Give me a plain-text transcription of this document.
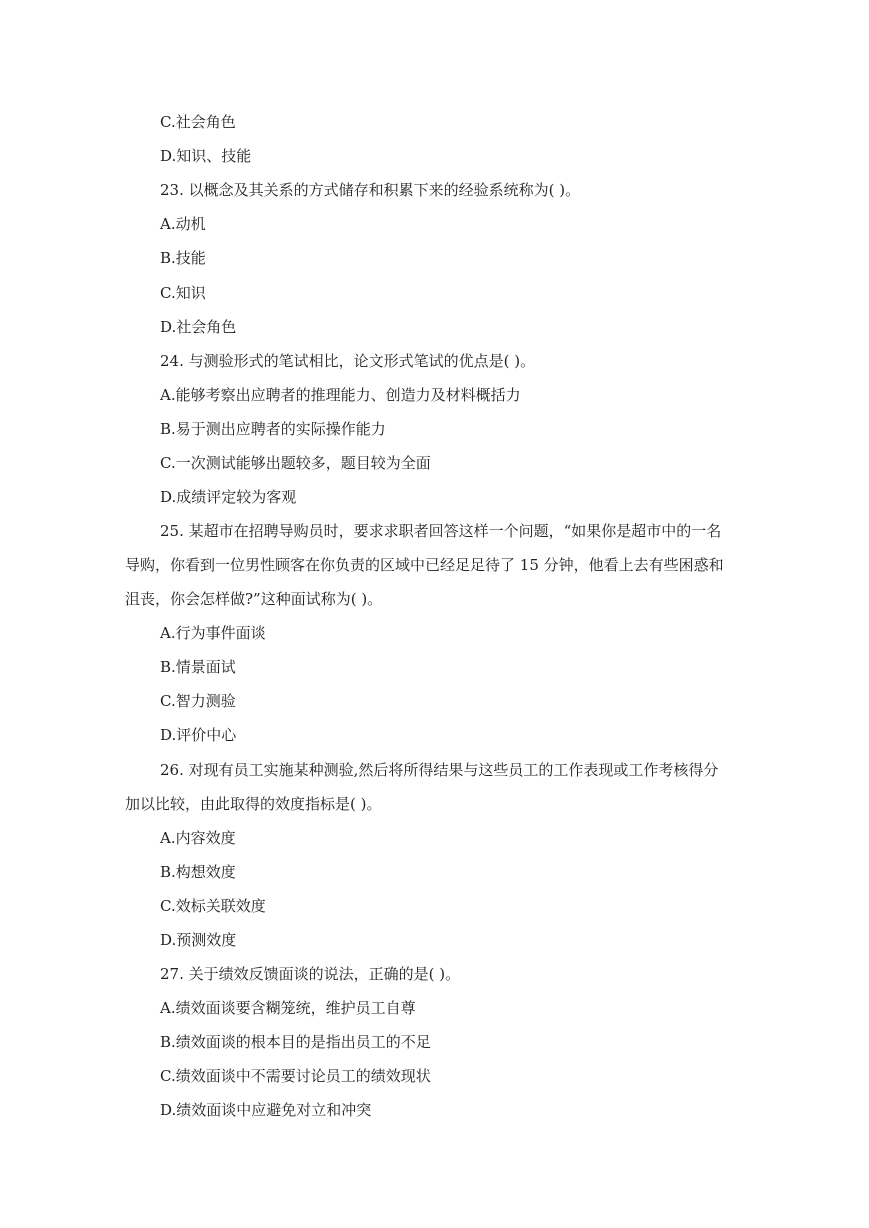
C.社会角色
D.知识、技能
23. 以概念及其关系的方式储存和积累下来的经验系统称为( )。
A.动机
B.技能
C.知识
D.社会角色
24. 与测验形式的笔试相比，论文形式笔试的优点是( )。
A.能够考察出应聘者的推理能力、创造力及材料概括力
B.易于测出应聘者的实际操作能力
C.一次测试能够出题较多，题目较为全面
D.成绩评定较为客观
25. 某超市在招聘导购员时，要求求职者回答这样一个问题，“如果你是超市中的一名
导购，你看到一位男性顾客在你负责的区域中已经足足待了 15 分钟，他看上去有些困惑和
沮丧，你会怎样做?”这种面试称为( )。
A.行为事件面谈
B.情景面试
C.智力测验
D.评价中心
26. 对现有员工实施某种测验,然后将所得结果与这些员工的工作表现或工作考核得分
加以比较，由此取得的效度指标是( )。
A.内容效度
B.构想效度
C.效标关联效度
D.预测效度
27. 关于绩效反馈面谈的说法，正确的是( )。
A.绩效面谈要含糊笼统，维护员工自尊
B.绩效面谈的根本目的是指出员工的不足
C.绩效面谈中不需要讨论员工的绩效现状
D.绩效面谈中应避免对立和冲突
